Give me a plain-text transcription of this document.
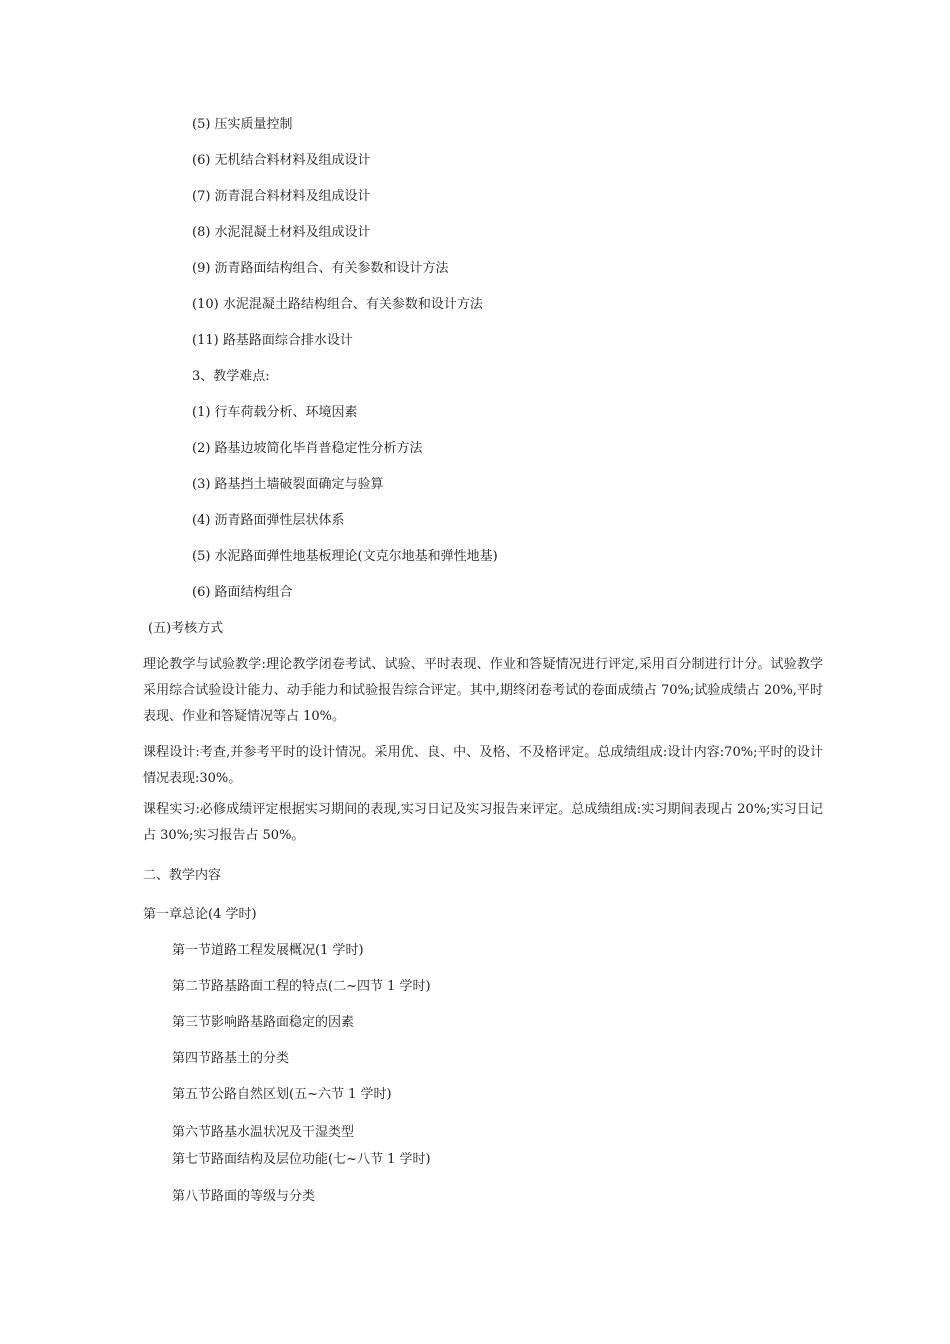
(5) 压实质量控制
(6) 无机结合料材料及组成设计
(7) 沥青混合料材料及组成设计
(8) 水泥混凝土材料及组成设计
(9) 沥青路面结构组合、有关参数和设计方法
(10) 水泥混凝土路结构组合、有关参数和设计方法
(11) 路基路面综合排水设计
3、教学难点:
(1) 行车荷载分析、环境因素
(2) 路基边坡简化毕肖普稳定性分析方法
(3) 路基挡土墙破裂面确定与验算
(4) 沥青路面弹性层状体系
(5) 水泥路面弹性地基板理论(文克尔地基和弹性地基)
(6) 路面结构组合
(五)考核方式
理论教学与试验教学:理论教学闭卷考试、试验、平时表现、作业和答疑情况进行评定,采用百分制进行计分。试验教学采用综合试验设计能力、动手能力和试验报告综合评定。其中,期终闭卷考试的卷面成绩占 70%;试验成绩占 20%,平时表现、作业和答疑情况等占 10%。
课程设计:考查,并参考平时的设计情况。采用优、良、中、及格、不及格评定。总成绩组成:设计内容:70%;平时的设计情况表现:30%。
课程实习:必修成绩评定根据实习期间的表现,实习日记及实习报告来评定。总成绩组成:实习期间表现占 20%;实习日记占 30%;实习报告占 50%。
二、教学内容
第一章总论(4 学时)
第一节道路工程发展概况(1 学时)
第二节路基路面工程的特点(二~四节 1 学时)
第三节影响路基路面稳定的因素
第四节路基土的分类
第五节公路自然区划(五~六节 1 学时)
第六节路基水温状况及干湿类型
第七节路面结构及层位功能(七~八节 1 学时)
第八节路面的等级与分类
